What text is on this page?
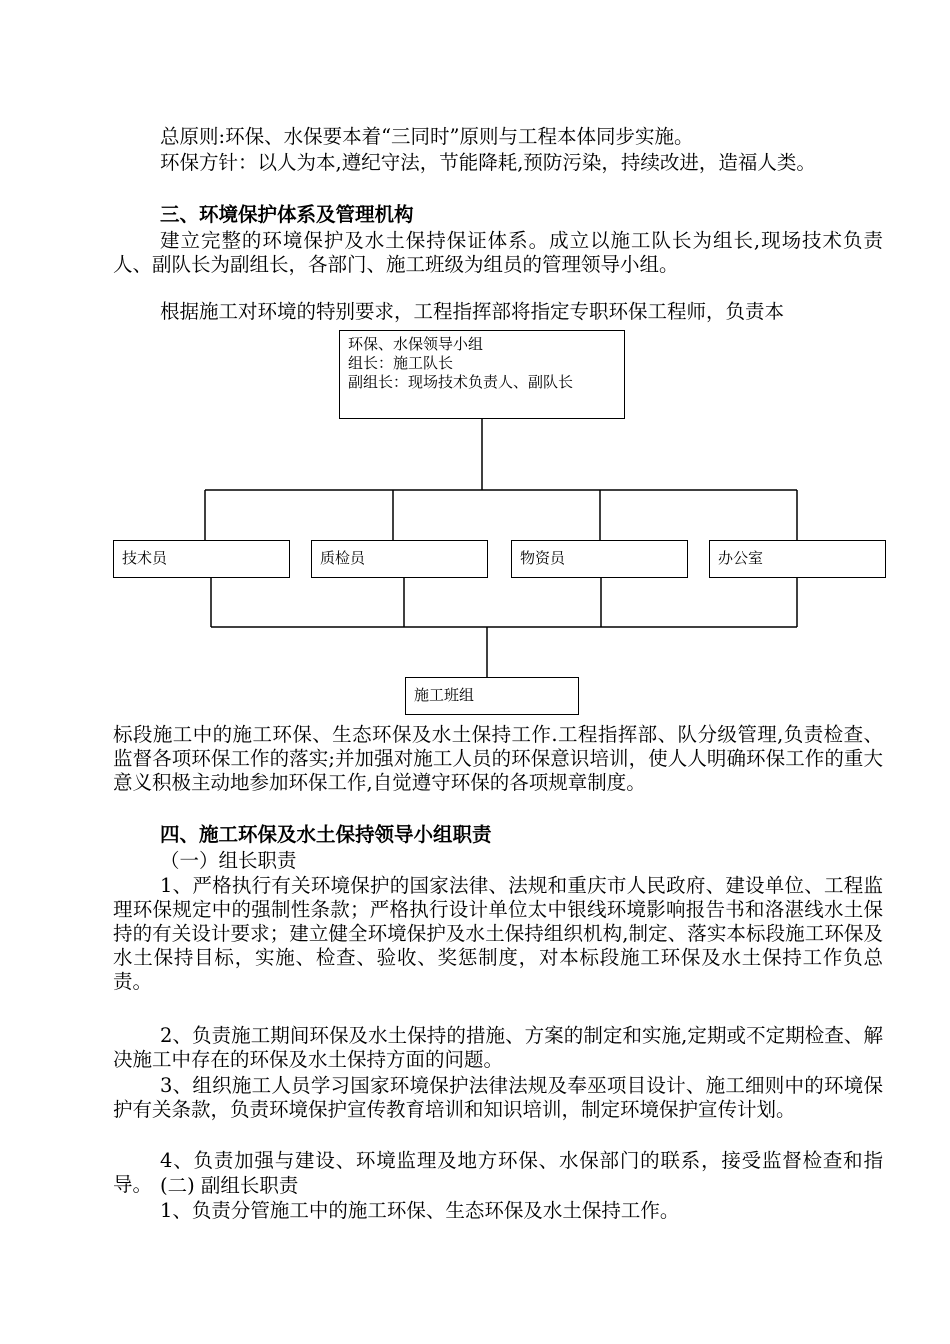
总原则:环保、水保要本着“三同时”原则与工程本体同步实施。

环保方针：以人为本,遵纪守法，节能降耗,预防污染，持续改进，造福人类。

三、环境保护体系及管理机构

建立完整的环境保护及水土保持保证体系。成立以施工队长为组长,现场技术负责人、副队长为副组长，各部门、施工班级为组员的管理领导小组。

根据施工对环境的特别要求，工程指挥部将指定专职环保工程师，负责本

环保、水保领导小组
组长：施工队长
副组长：现场技术负责人、副队长
技术员	质检员	物资员	办公室
施工班组

标段施工中的施工环保、生态环保及水土保持工作.工程指挥部、队分级管理,负责检查、监督各项环保工作的落实;并加强对施工人员的环保意识培训，使人人明确环保工作的重大意义积极主动地参加环保工作,自觉遵守环保的各项规章制度。

四、施工环保及水土保持领导小组职责

（一）组长职责

1、严格执行有关环境保护的国家法律、法规和重庆市人民政府、建设单位、工程监理环保规定中的强制性条款；严格执行设计单位太中银线环境影响报告书和洛湛线水土保持的有关设计要求；建立健全环境保护及水土保持组织机构,制定、落实本标段施工环保及水土保持目标，实施、检查、验收、奖惩制度，对本标段施工环保及水土保持工作负总责。

2、负责施工期间环保及水土保持的措施、方案的制定和实施,定期或不定期检查、解决施工中存在的环保及水土保持方面的问题。

3、组织施工人员学习国家环境保护法律法规及奉巫项目设计、施工细则中的环境保护有关条款，负责环境保护宣传教育培训和知识培训，制定环境保护宣传计划。

4、负责加强与建设、环境监理及地方环保、水保部门的联系，接受监督检查和指导。 (二) 副组长职责

1、负责分管施工中的施工环保、生态环保及水土保持工作。
